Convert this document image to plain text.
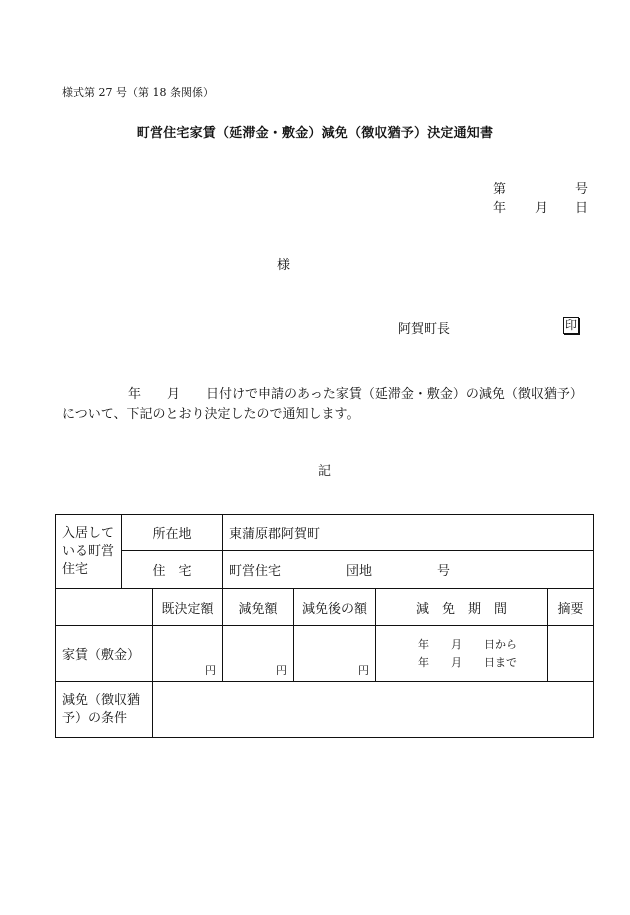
様式第 27 号（第 18 条関係）
町営住宅家賃（延滞金・敷金）減免（徴収猶予）決定通知書
第	号
年 月 日
様
阿賀町長	印
年　　月　　日付けで申請のあった家賃（延滞金・敷金）の減免（徴収猶予）
について、下記のとおり決定したので通知します。
記
入居している町営住宅	所在地		東蒲原郡阿賀町			
	住　宅		町営住宅　　　　　団地　　　　　号			
		既決定額	減免額	減免後の額	減　免　期　間	摘要
家賃（敷金）		円	円	円	年　　月　　日から
年　　月　　日まで	

減免（徴収猶予）の条件						
